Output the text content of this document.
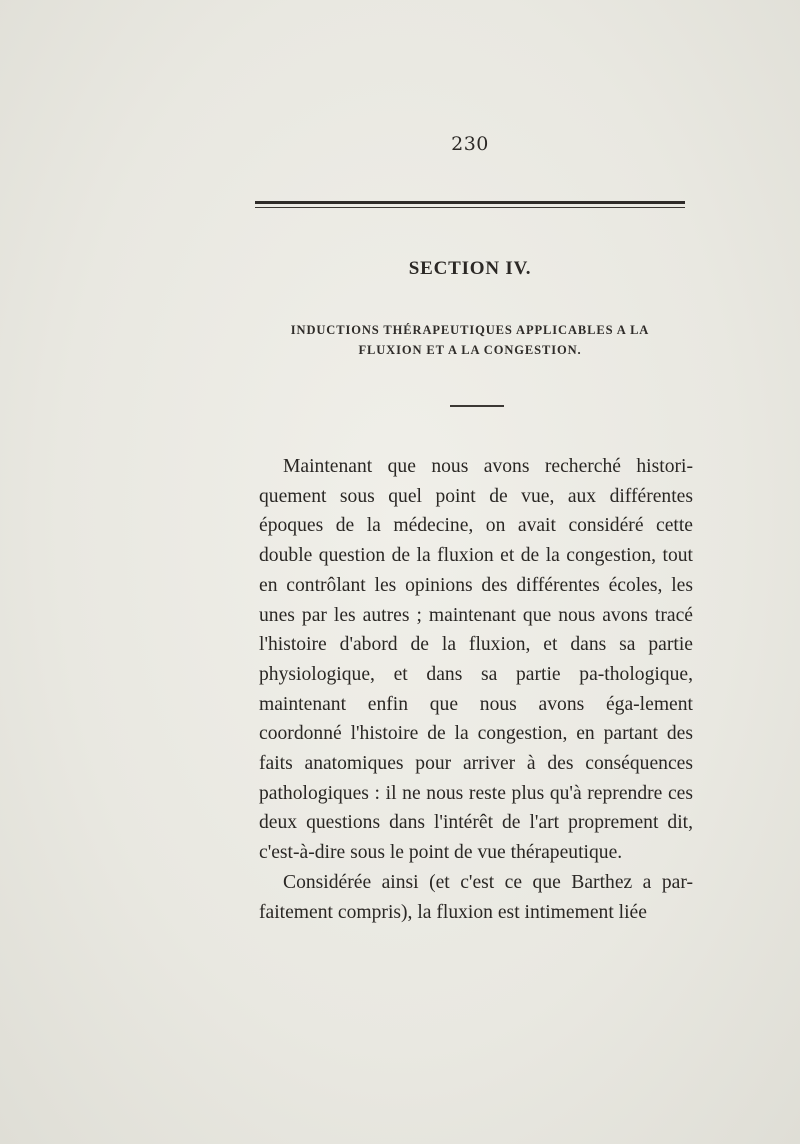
230
SECTION IV.
INDUCTIONS THÉRAPEUTIQUES APPLICABLES A LA
FLUXION ET A LA CONGESTION.

Maintenant que nous avons recherché histori-quement sous quel point de vue, aux différentes époques de la médecine, on avait considéré cette double question de la fluxion et de la congestion, tout en contrôlant les opinions des différentes écoles, les unes par les autres ; maintenant que nous avons tracé l'histoire d'abord de la fluxion, et dans sa partie physiologique, et dans sa partie pa-thologique, maintenant enfin que nous avons éga-lement coordonné l'histoire de la congestion, en partant des faits anatomiques pour arriver à des conséquences pathologiques : il ne nous reste plus qu'à reprendre ces deux questions dans l'intérêt de l'art proprement dit, c'est-à-dire sous le point de vue thérapeutique.

Considérée ainsi (et c'est ce que Barthez a par-faitement compris), la fluxion est intimement liée
